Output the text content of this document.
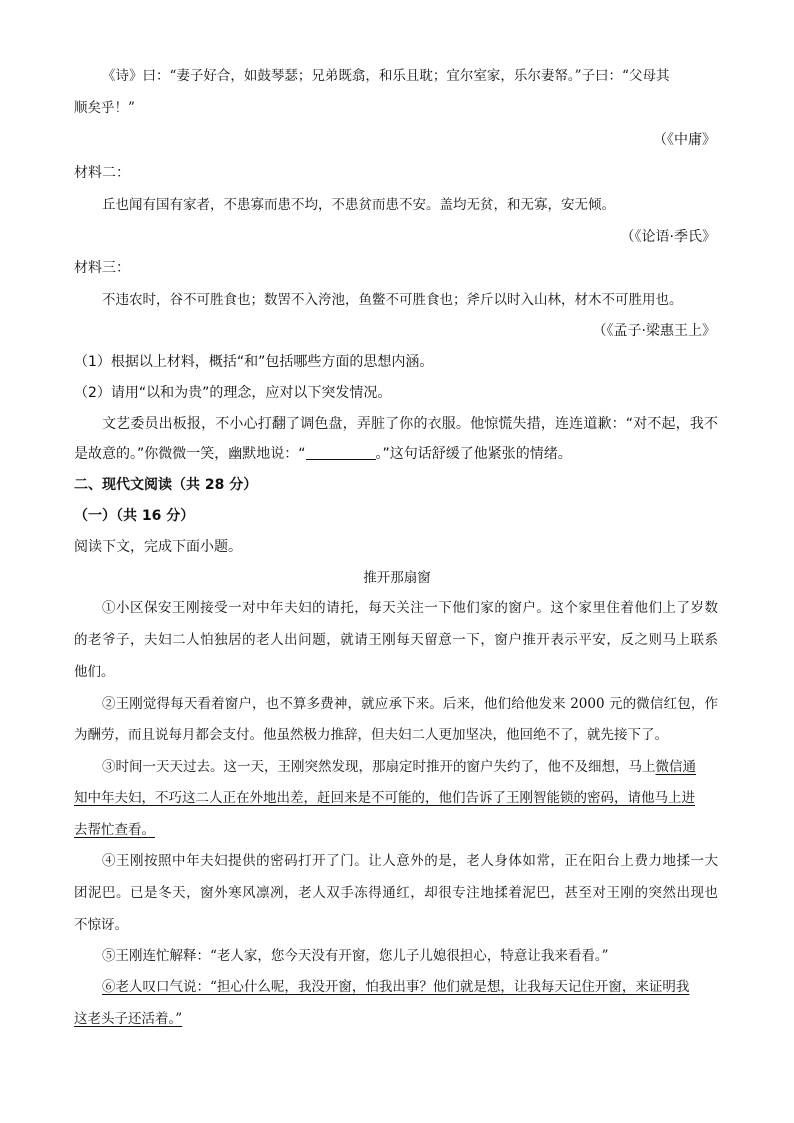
《诗》曰：“妻子好合，如鼓琴瑟；兄弟既翕，和乐且耽；宜尔室家，乐尔妻帑。”子曰：“父母其
顺矣乎！”
（《中庸》
材料二：
丘也闻有国有家者，不患寡而患不均，不患贫而患不安。盖均无贫，和无寡，安无倾。
（《论语·季氏》
材料三：
不违农时，谷不可胜食也；数罟不入洿池，鱼鳖不可胜食也；斧斤以时入山林，材木不可胜用也。
（《孟子·梁惠王上》
（1）根据以上材料，概括“和”包括哪些方面的思想内涵。
（2）请用“以和为贵”的理念，应对以下突发情况。
文艺委员出板报，不小心打翻了调色盘，弄脏了你的衣服。他惊慌失措，连连道歉：“对不起，我不
是故意的。”你微微一笑，幽默地说：“	。”这句话舒缓了他紧张的情绪。
二、现代文阅读（共 28 分）
（一）（共 16 分）
阅读下文，完成下面小题。
推开那扇窗
①小区保安王刚接受一对中年夫妇的请托，每天关注一下他们家的窗户。这个家里住着他们上了岁数
的老爷子，夫妇二人怕独居的老人出问题，就请王刚每天留意一下，窗户推开表示平安，反之则马上联系
他们。
②王刚觉得每天看着窗户，也不算多费神，就应承下来。后来，他们给他发来 2000 元的微信红包，作
为酬劳，而且说每月都会支付。他虽然极力推辞，但夫妇二人更加坚决，他回绝不了，就先接下了。
③时间一天天过去。这一天，王刚突然发现，那扇定时推开的窗户失约了，他不及细想，马上微信通
知中年夫妇，不巧这二人正在外地出差，赶回来是不可能的，他们告诉了王刚智能锁的密码，请他马上进
去帮忙查看。
④王刚按照中年夫妇提供的密码打开了门。让人意外的是，老人身体如常，正在阳台上费力地揉一大
团泥巴。已是冬天，窗外寒风凛冽，老人双手冻得通红，却很专注地揉着泥巴，甚至对王刚的突然出现也
不惊讶。
⑤王刚连忙解释：“老人家，您今天没有开窗，您儿子儿媳很担心，特意让我来看看。”
⑥老人叹口气说：“担心什么呢，我没开窗，怕我出事？他们就是想，让我每天记住开窗，来证明我
这老头子还活着。”
